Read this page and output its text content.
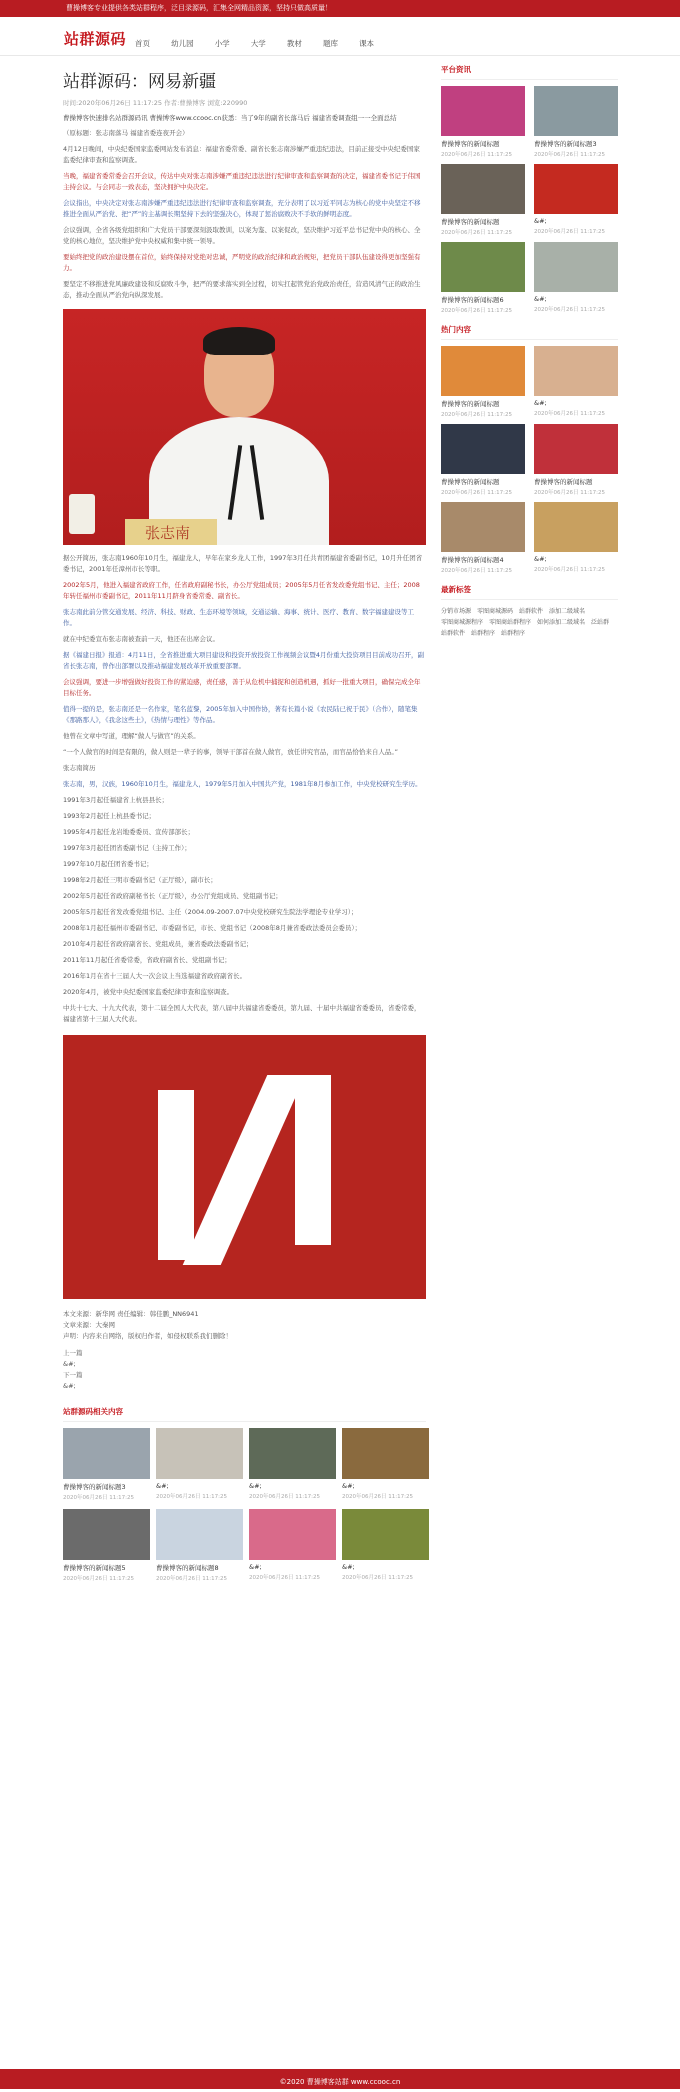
曹操博客专业提供各类站群程序，泛目录源码，汇集全网精品资源，坚持只做高质量！
站群源码 首页	幼儿园	小学	大学	教材	题库	课本
站群源码：网易新疆
时间:2020年06月26日 11:17:25 作者:曹操博客 浏览:220990
曹操博客快速排名站群源码讯 曹操博客www.ccooc.cn获悉：当了9年的副省长落马后 福建省委调查组一一全面总结

（原标题：张志南落马 福建省委连夜开会）

4月12日晚间，中央纪委国家监委网站发布消息：福建省委常委、副省长张志南涉嫌严重违纪违法，目前正接受中央纪委国家监委纪律审查和监察调查。

当晚，福建省委常委会召开会议，传达中央对张志南涉嫌严重违纪违法进行纪律审查和监察调查的决定，福建省委书记于伟国主持会议。与会同志一致表态，坚决拥护中央决定。

会议指出，中央决定对张志南涉嫌严重违纪违法进行纪律审查和监察调查，充分表明了以习近平同志为核心的党中央坚定不移推进全面从严治党、把“严”的主基调长期坚持下去的坚强决心，体现了惩治腐败决不手软的鲜明态度。

会议强调，全省各级党组织和广大党员干部要深刻汲取教训，以案为鉴、以案促改，坚决维护习近平总书记党中央的核心、全党的核心地位，坚决维护党中央权威和集中统一领导。

要始终把党的政治建设摆在首位，始终保持对党绝对忠诚，严明党的政治纪律和政治规矩，把党员干部队伍建设得更加坚强有力。

要坚定不移推进党风廉政建设和反腐败斗争，把严的要求落实到全过程，切实扛起管党治党政治责任，营造风清气正的政治生态，推动全面从严治党向纵深发展。

张志南

据公开简历，张志南1960年10月生，福建龙人，早年在家乡龙人工作，1997年3月任共青团福建省委副书记，10月升任团省委书记，2001年任漳州市长等职。

2002年5月，他进入福建省政府工作，任省政府副秘书长，办公厅党组成员；2005年5月任省发改委党组书记、主任；2008年转任福州市委副书记，2011年11月跻身省委常委、副省长。

张志南此前分管交通发展、经济、科技、财政、生态环境等领域，交通运输、海事、统计、医疗、教育、数字福建建设等工作。

就在中纪委宣布张志南被查前一天，他还在出席会议。

据《福建日报》报道：4月11日，全省推进重大项目建设和投资开放投资工作视频会议暨4月份重大投资项目目前成功召开，副省长张志南，曾作出部署以及推动福建发展改革开放重要部署。

会议强调，要进一步增强做好投资工作的紧迫感，责任感，善于从危机中捕捉和创造机遇，抓好一批重大项目，确保完成全年目标任务。

值得一提的是，张志南还是一名作家，笔名蓝黎，2005年加入中国作协，著有长篇小说《农民陆已祝于民》（合作），随笔集《那路那人》，《我念这些土》，《热情与理性》等作品。

他曾在文章中写道，理解“做人与做官”的关系。

“一个人做官的时间是有限的，做人则是一辈子的事，领导干部首在做人做官，放任讲究官品，而官品恰恰来自人品。”

张志南简历

张志南，男，汉族，1960年10月生，福建龙人，1979年5月加入中国共产党，1981年8月参加工作，中央党校研究生学历。

1991年3月起任福建省上杭县县长；

1993年2月起任上杭县委书记；

1995年4月起任龙岩地委委员、宣传部部长；

1997年3月起任团省委副书记（主持工作）；

1997年10月起任团省委书记；

1998年2月起任三明市委副书记（正厅级），副市长；

2002年5月起任省政府副秘书长（正厅级），办公厅党组成员、党组副书记；

2005年5月起任省发改委党组书记、主任（2004.09-2007.07中央党校研究生院法学理论专业学习）；

2008年1月起任福州市委副书记、市委副书记，市长、党组书记（2008年8月兼省委政法委员会委员）；

2010年4月起任省政府副省长、党组成员，兼省委政法委副书记；

2011年11月起任省委常委，省政府副省长、党组副书记；

2016年1月在省十三届人大一次会议上当选福建省政府副省长。

2020年4月，被党中央纪委国家监委纪律审查和监察调查。

中共十七大、十九大代表，第十二届全国人大代表，第八届中共福建省委委员，第九届、十届中共福建省委委员，省委常委，福建省第十三届人大代表。

本文来源：新华网 责任编辑：韩佳鹏_NN6941
文章来源：大秦网
声明：内容来自网络，版权归作者，如侵权联系我们删除！
上一篇
&#;
下一篇
&#;
站群源码相关内容
曹操博客的新闻标题3
2020年06月26日 11:17:25
&#;
2020年06月26日 11:17:25
&#;
2020年06月26日 11:17:25
&#;
2020年06月26日 11:17:25
曹操博客的新闻标题5
2020年06月26日 11:17:25
曹操博客的新闻标题8
2020年06月26日 11:17:25
&#;
2020年06月26日 11:17:25
&#;
2020年06月26日 11:17:25
平台资讯
曹操博客的新闻标题
2020年06月26日 11:17:25
曹操博客的新闻标题3
2020年06月26日 11:17:25
曹操博客的新闻标题
2020年06月26日 11:17:25
&#;
2020年06月26日 11:17:25
曹操博客的新闻标题6
2020年06月26日 11:17:25
&#;
2020年06月26日 11:17:25
热门内容
曹操博客的新闻标题
2020年06月26日 11:17:25
&#;
2020年06月26日 11:17:25
曹操博客的新闻标题
2020年06月26日 11:17:25
曹操博客的新闻标题
2020年06月26日 11:17:25
曹操博客的新闻标题4
2020年06月26日 11:17:25
&#;
2020年06月26日 11:17:25
最新标签
分销市场源 零图商城源码 站群软件 添加二级域名零图商城源程序 零图商站群程序 如何添加二级域名 泛站群站群软件 站群程序 站群程序
©2020 曹操博客站群 www.ccooc.cn
